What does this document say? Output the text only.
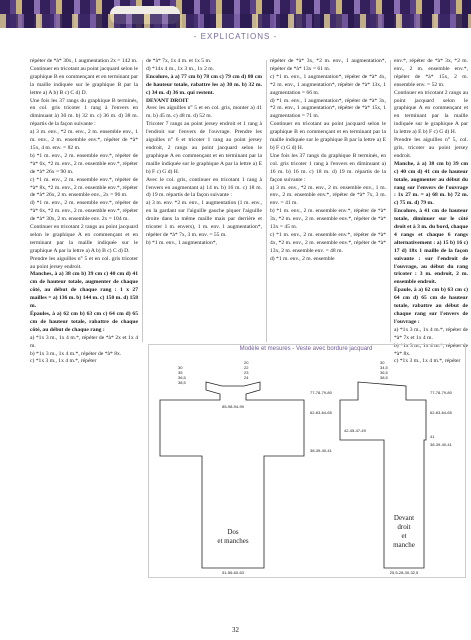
- EXPLICATIONS -

répéter de *à* 30x, 1 augmentation 2x = 142 m.

Continuer en tricotant au point jacquard selon le graphique B en commençant et en terminant par la maille indiquée sur le graphique B par la lettre a) A b) B c) C d) D.

Une fois les 37 rangs du graphique B terminés, en col. gris tricoter 1 rang à l'envers en diminuant à) 30 m. b) 32 m. c) 36 m. d) 38 m. répartis de la façon suivante :

a) 3 m. env., *2 m. env., 2 m. ensemble env., 1 m. env., 2 m. ensemble env.*, répéter de *à* 15x, 4 m. env. = 82 m.

b) *1 m. env., 2 m. ensemble env.*, répéter de *à* 6x, *2 m. env., 2 m. ensemble env.*, répéter de *à* 26x = 90 m.

c) *1 m. env., 2 m. ensemble env.*, répéter de *à* 8x, *2 m. env., 2 m. ensemble env.*, répéter de *à* 26x, 2 m. ensemble env., 2x = 96 m.

d) *1 m. env., 2 m. ensemble env.*, répéter de *à* 6x, *2 m. env., 2 m. ensemble env.*, répéter de *à* 30x, 2 m. ensemble env. 2x = 104 m.

Continuer en tricotant 2 rangs au point jacquard selon le graphique A en commençant et en terminant par la maille indiquée sur le graphique A par la lettre a) A b) B c) C d) D.

Prendre les aiguilles n° 5 et en col. gris tricoter au point jersey endroit.

Manches, à a) 38 cm b) 39 cm c) 40 cm d) 41 cm de hauteur totale, augmenter de chaque côté, au début de chaque rang : 1 x 27 mailles = a) 136 m. b) 144 m. c) 150 m. d) 158 m.

Épaules, à a) 62 cm b) 63 cm c) 64 cm d) 65 cm de hauteur totale, rabattre de chaque côté, au début de chaque rang :

a) *1x 3 m., 1x 4 m.*, répéter de *à* 2x et 1x 4 m.

b) *1x 3 m., 1x 4 m.*, répéter de *à* 8x.

c) *1x 3 m., 1x 4 m.*, répéter

de *à* 7x, 1x 4 m. et 1x 5 m.

d) *14x 4 m., 1x 3 m., 1x 2 m.

Encolure, à a) 77 cm b) 78 cm c) 79 cm d) 80 cm de hauteur totale, rabattre les a) 30 m. b) 32 m. c) 34 m. d) 36 m. qui restent.

DEVANT DROIT

Avec les aiguilles n° 5 et en col. gris, monter a) 41 m. b) 45 m. c) 48 m. d) 52 m.

Tricoter 7 rangs au point jersey endroit et 1 rang à l'endroit sur l'envers de l'ouvrage. Prendre les aiguilles n° 6 et tricoter 1 rang au point jersey endroit, 2 rangs au point jacquard selon le graphique A en commençant et en terminant par la maille indiquée sur le graphique A par la lettre a) E b) F c) G d) H.

Avec le col. gris, continuer en tricotant 1 rang à l'envers en augmentant a) 14 m. b) 16 m. c) 18 m. d) 19 m. répartis de la façon suivante :

a) 3 m. env. *2 m. env., 1 augmentation (1 m. env., en la gardant sur l'aiguille gauche piquer l'aiguille droite dans la même maille mais par derrière et tricoter 1 m. envers), 1 m. env. 1 augmentation*, répéter de *à* 7x, 3 m. env. = 55 m.

b) *1 m. env., 1 augmentation*,

répéter de *à* 3x, *2 m. env., 1 augmentation*, répéter de *à* 13x = 61 m.

c) *1 m. env., 1 augmentation*, répéter de *à* 4x, *2 m. env., 1 augmentation*, répéter de *à* 13x, 1 augmentation = 66 m.

d) *1 m. env., 1 augmentation*, répéter de *à* 3x, *2 m. env., 1 augmentation*, répéter de *à* 15x, 1 augmentation = 71 m.

Continuer en tricotant au point jacquard selon le graphique B en commençant et en terminant par la maille indiquée sur le graphique B par la lettre a) E b) F c) G d) H.

Une fois les 37 rangs du graphique B terminés, en col. gris tricoter 1 rang à l'envers en diminuant a) 16 m. b) 16 m. c) 18 m. d) 19 m. répartis de la façon suivante :

a) 3 m. env., *2 m. env., 2 m. ensemble env., 1 m. env., 2 m. ensemble env.*, répéter de *à* 7x, 3 m. env. = 41 m.

b) *1 m. env., 2 m. ensemble env.*, répéter de *à* 3x, *2 m. env., 2 m. ensemble env.*, répéter de *à* 13x = 45 m.

c) *1 m. env., 2 m. ensemble env.*, répéter de *à* 4x, *2 m. env., 2 m. ensemble env.*, répéter de *à* 13x, 2 m. ensemble env. = 48 m.

d) *1 m. env., 2 m. ensemble

env.*, répéter de *à* 3x, *2 m. env., 2 m. ensemble env.*, répéter de *à* 15x, 2 m. ensemble env. = 52 m.

Continuer en tricotant 2 rangs au point jacquard selon le graphique A en commençant et en terminant par la maille indiquée sur le graphique A par la lettre a) E b) F c) G d) H.

Prendre les aiguilles n° 5, col. gris, tricoter au point jersey endroit.

Manche, à a) 38 cm b) 39 cm c) 40 cm d) 41 cm de hauteur totale, augmenter au début du rang sur l'envers de l'ouvrage : 1x 27 m. = a) 68 m. b) 72 m. c) 75 m. d) 79 m.

Encolure, à 41 cm de hauteur totale, diminuer sur le côté droit et à 3 m. du bord, chaque 4 rangs et chaque 6 rangs alternativement : a) 15 b) 16 c) 17 d) 18x 1 maille de la façon suivante : sur l'endroit de l'ouvrage, au début du rang tricoter : 3 m. endroit, 2 m. ensemble endroit.

Épaule, à a) 62 cm b) 63 cm c) 64 cm d) 65 cm de hauteur totale, rabattre au début de chaque rang sur l'envers de l'ouvrage :

a) *1x 3 m., 1x 4 m.*, répéter de *à* 7x et 1x 4 m.

b) *1x 3 m., 1x 4 m.*, répéter de *à* 8x.

c) *1x 3 m., 1x 4 m.*, répéter

Modèle et mesures - Veste avec bordure jacquard
Dos
et manches
30 35 36,5 38,5
20 22 23 24
85-98-94-99
77-78-79-80
62-63-64-65
38-39-40-41
51-56-60-63
Devant
droit
et
manche
30 34,5 36,5 38,5
77-78-79-80
62-63-64-65
41
38-39-40-41
42-45-47-49
25,5-28-30-32,5
32
